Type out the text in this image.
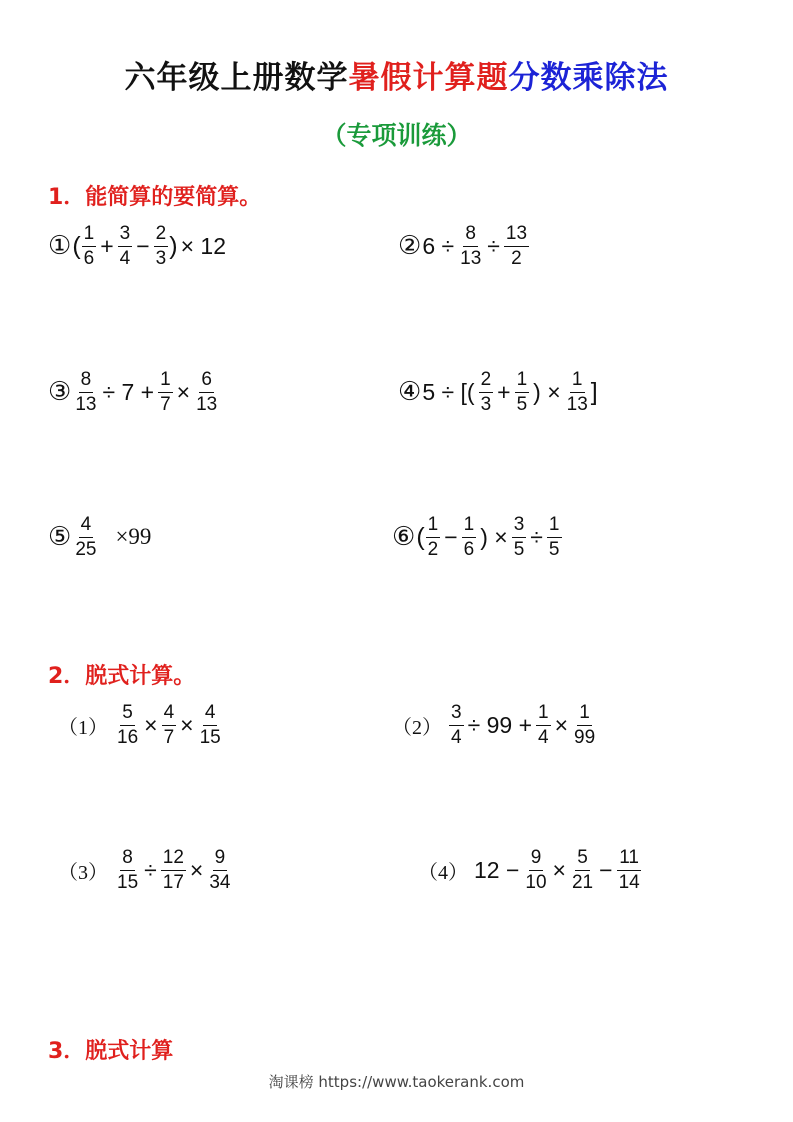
六年级上册数学暑假计算题分数乘除法
（专项训练）
1．能简算的要简算。
① ( $\frac{1}{6} + \frac{3}{4} - \frac{2}{3}$ ) × 12	② $6 \div \frac{8}{13} \div \frac{13}{2}$
③ $\frac{8}{13} \div 7 + \frac{1}{7} \times \frac{6}{13}$	④ 5 ÷ [( $\frac{2}{3} + \frac{1}{5}$ ) × $\frac{1}{13}$ ]
⑤ $\frac{4}{25} \times 99$	⑥ ( $\frac{1}{2} - \frac{1}{6}$ ) × $\frac{3}{5} \div \frac{1}{5}$
2．脱式计算。
$(1) \frac{5}{16} \times \frac{4}{7} \times \frac{4}{15}$	$(2) \frac{3}{4} \div 99 + \frac{1}{4} \times \frac{1}{99}$
$(3) \frac{8}{15} \div \frac{12}{17} \times \frac{9}{34}$	（4） $12 - \frac{9}{10} \times \frac{5}{21} - \frac{11}{14}$
3．脱式计算
淘课榜 https://www.taokerank.com
